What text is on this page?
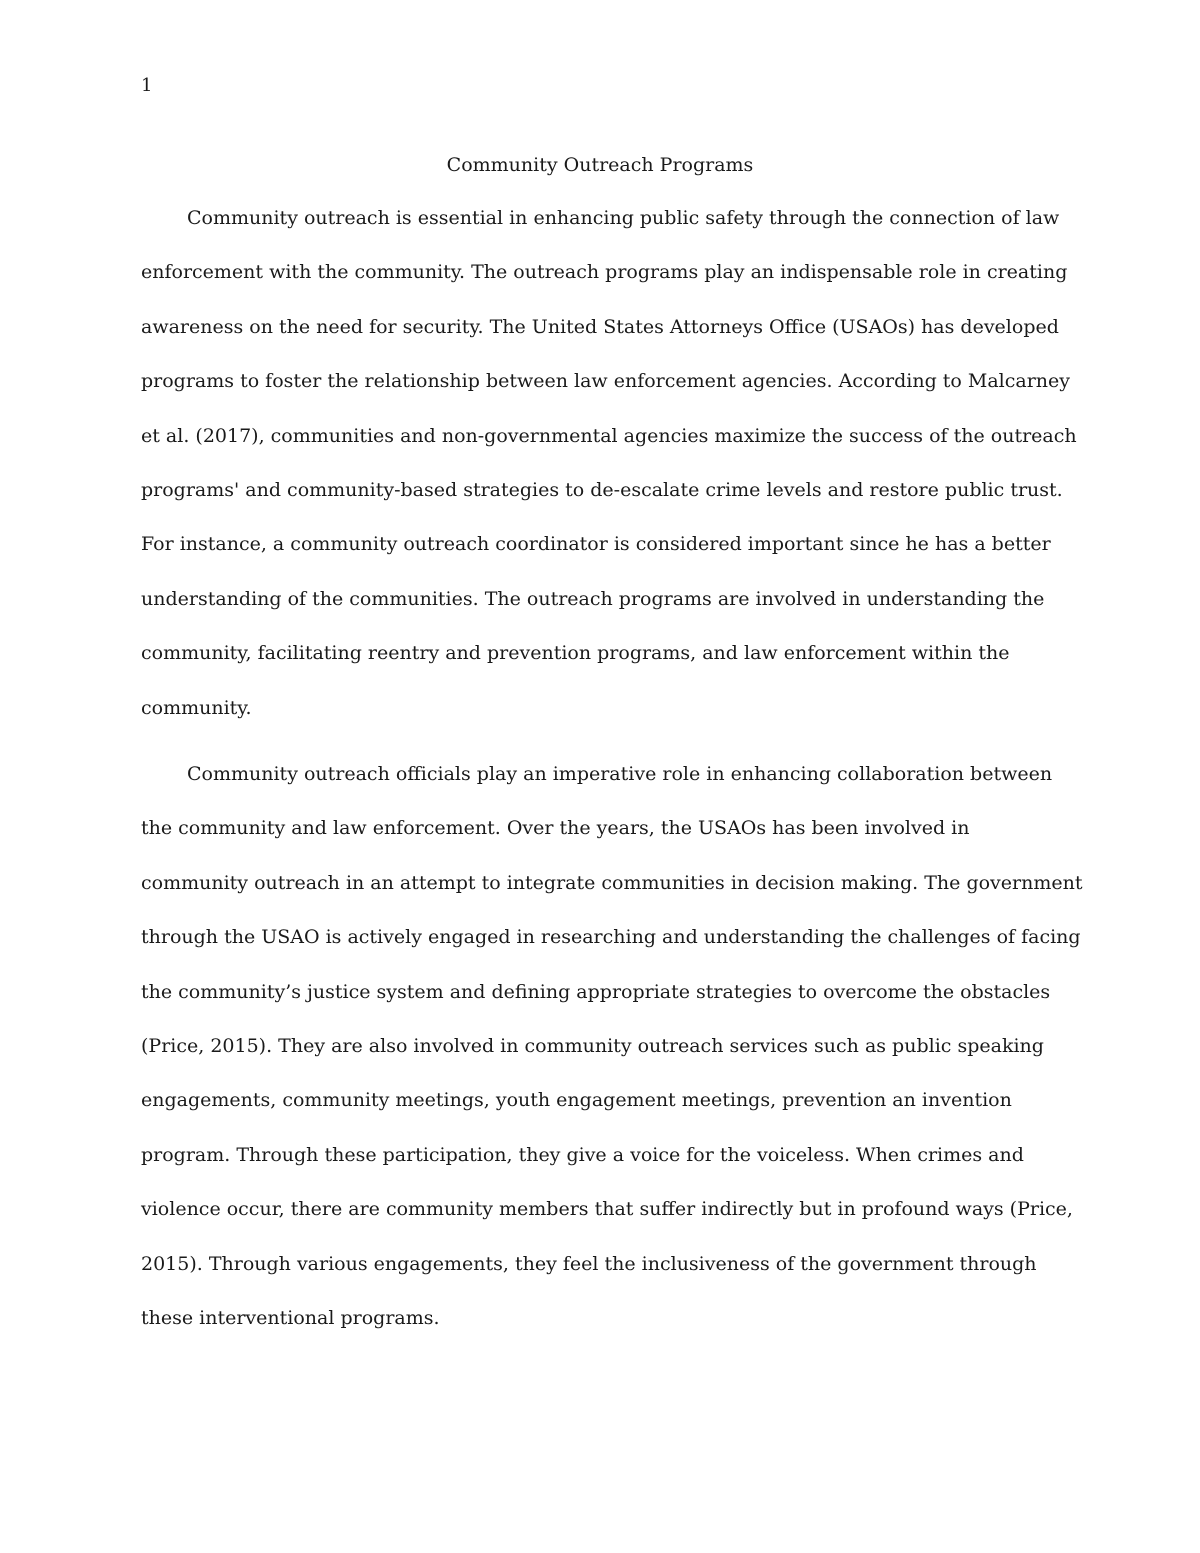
1
Community Outreach Programs
Community outreach is essential in enhancing public safety through the connection of law
enforcement with the community. The outreach programs play an indispensable role in creating
awareness on the need for security. The United States Attorneys Office (USAOs) has developed
programs to foster the relationship between law enforcement agencies. According to Malcarney
et al. (2017), communities and non-governmental agencies maximize the success of the outreach
programs' and community-based strategies to de-escalate crime levels and restore public trust.
For instance, a community outreach coordinator is considered important since he has a better
understanding of the communities. The outreach programs are involved in understanding the
community, facilitating reentry and prevention programs, and law enforcement within the
community.
Community outreach officials play an imperative role in enhancing collaboration between
the community and law enforcement. Over the years, the USAOs has been involved in
community outreach in an attempt to integrate communities in decision making. The government
through the USAO is actively engaged in researching and understanding the challenges of facing
the community’s justice system and defining appropriate strategies to overcome the obstacles
(Price, 2015). They are also involved in community outreach services such as public speaking
engagements, community meetings, youth engagement meetings, prevention an invention
program. Through these participation, they give a voice for the voiceless. When crimes and
violence occur, there are community members that suffer indirectly but in profound ways (Price,
2015). Through various engagements, they feel the inclusiveness of the government through
these interventional programs.
